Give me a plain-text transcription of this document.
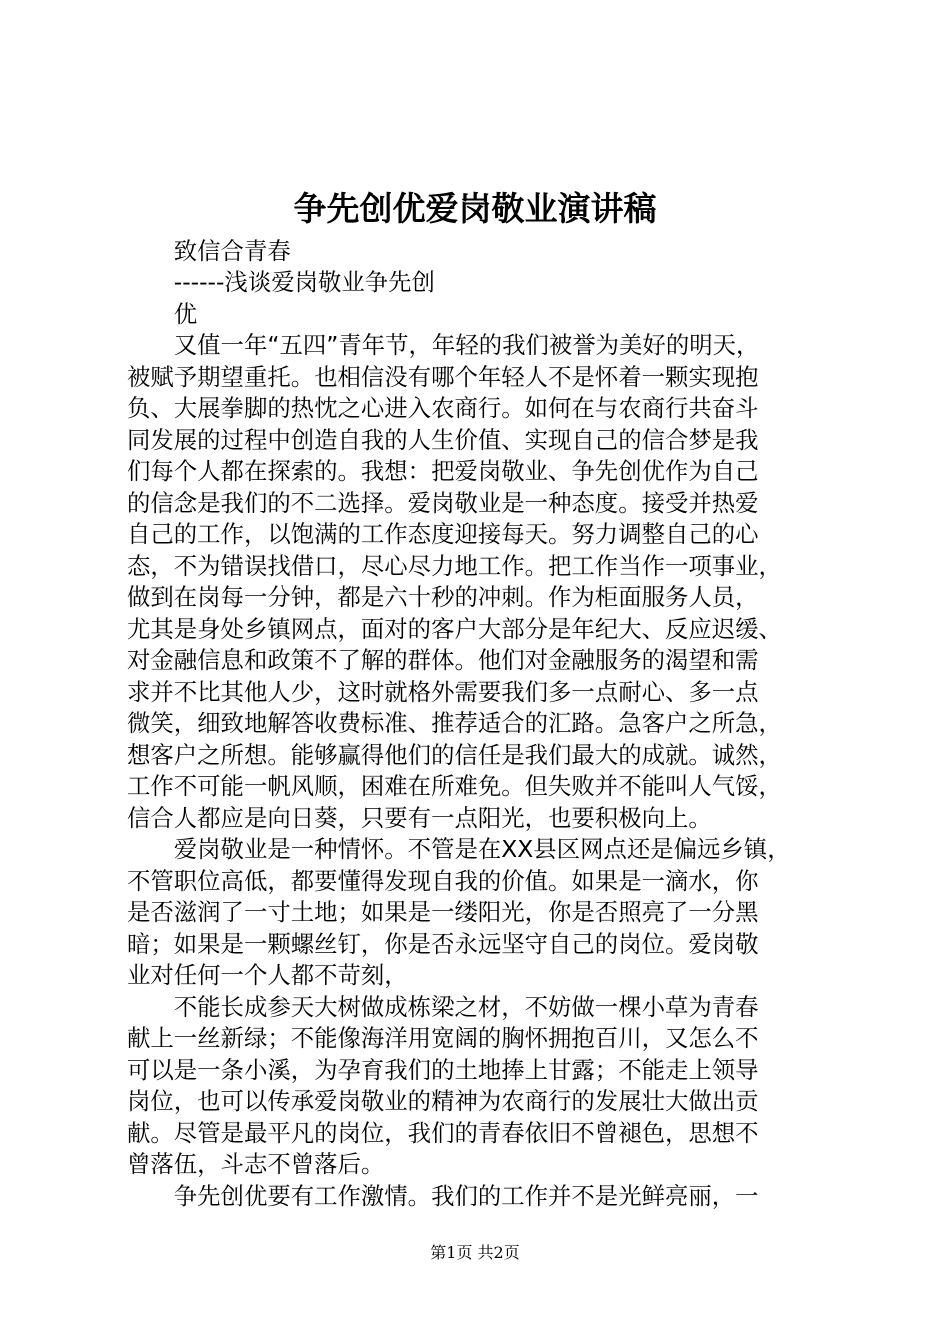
争先创优爱岗敬业演讲稿

　　致信合青春
　　------浅谈爱岗敬业争先创
　　优
　　又值一年“五四”青年节，年轻的我们被誉为美好的明天，
被赋予期望重托。也相信没有哪个年轻人不是怀着一颗实现抱
负、大展拳脚的热忱之心进入农商行。如何在与农商行共奋斗
同发展的过程中创造自我的人生价值、实现自己的信合梦是我
们每个人都在探索的。我想：把爱岗敬业、争先创优作为自己
的信念是我们的不二选择。爱岗敬业是一种态度。接受并热爱
自己的工作，以饱满的工作态度迎接每天。努力调整自己的心
态，不为错误找借口，尽心尽力地工作。把工作当作一项事业，
做到在岗每一分钟，都是六十秒的冲刺。作为柜面服务人员，
尤其是身处乡镇网点，面对的客户大部分是年纪大、反应迟缓、
对金融信息和政策不了解的群体。他们对金融服务的渴望和需
求并不比其他人少，这时就格外需要我们多一点耐心、多一点
微笑，细致地解答收费标准、推荐适合的汇路。急客户之所急，
想客户之所想。能够赢得他们的信任是我们最大的成就。诚然，
工作不可能一帆风顺，困难在所难免。但失败并不能叫人气馁，
信合人都应是向日葵，只要有一点阳光，也要积极向上。
　　爱岗敬业是一种情怀。不管是在XX县区网点还是偏远乡镇，
不管职位高低，都要懂得发现自我的价值。如果是一滴水，你
是否滋润了一寸土地；如果是一缕阳光，你是否照亮了一分黑
暗；如果是一颗螺丝钉，你是否永远坚守自己的岗位。爱岗敬
业对任何一个人都不苛刻，
　　不能长成参天大树做成栋梁之材，不妨做一棵小草为青春
献上一丝新绿；不能像海洋用宽阔的胸怀拥抱百川，又怎么不
可以是一条小溪，为孕育我们的土地捧上甘露；不能走上领导
岗位，也可以传承爱岗敬业的精神为农商行的发展壮大做出贡
献。尽管是最平凡的岗位，我们的青春依旧不曾褪色，思想不
曾落伍，斗志不曾落后。
　　争先创优要有工作激情。我们的工作并不是光鲜亮丽，一
第1页 共2页
